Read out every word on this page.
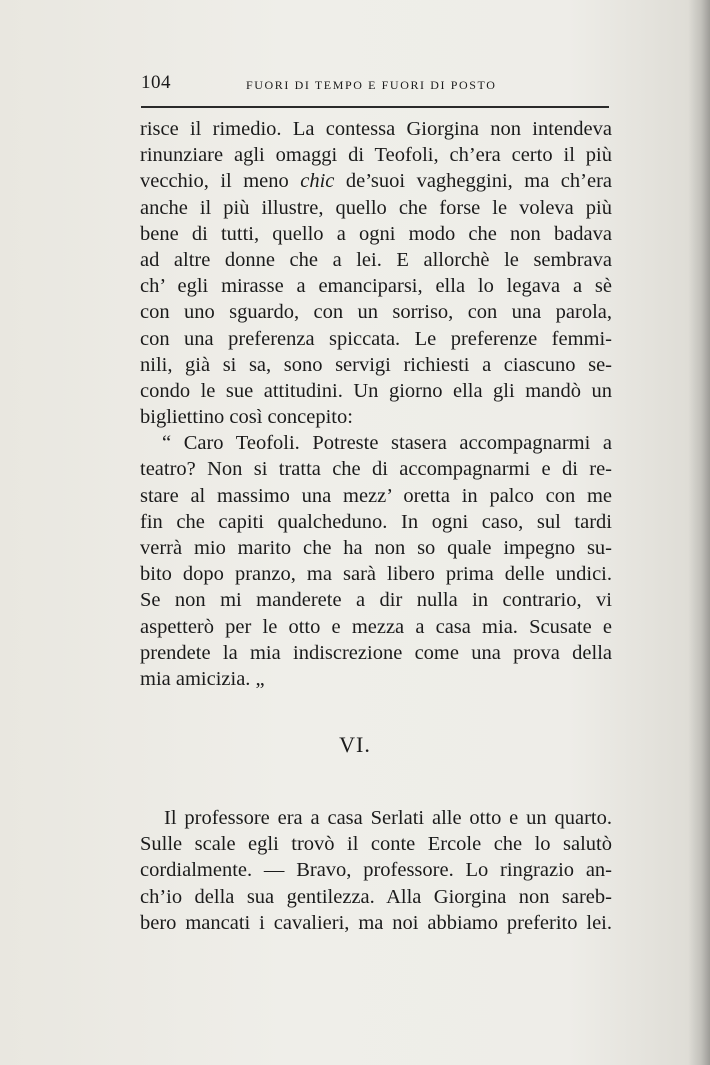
104	FUORI DI TEMPO E FUORI DI POSTO
risce il rimedio. La contessa Giorgina non intendeva
rinunziare agli omaggi di Teofoli, ch’era certo il più
vecchio, il meno chic de’suoi vagheggini, ma ch’era
anche il più illustre, quello che forse le voleva più
bene di tutti, quello a ogni modo che non badava
ad altre donne che a lei. E allorchè le sembrava
ch’ egli mirasse a emanciparsi, ella lo legava a sè
con uno sguardo, con un sorriso, con una parola,
con una preferenza spiccata. Le preferenze femmi-
nili, già si sa, sono servigi richiesti a ciascuno se-
condo le sue attitudini. Un giorno ella gli mandò un
bigliettino così concepito:
“ Caro Teofoli. Potreste stasera accompagnarmi a
teatro? Non si tratta che di accompagnarmi e di re-
stare al massimo una mezz’ oretta in palco con me
fin che capiti qualcheduno. In ogni caso, sul tardi
verrà mio marito che ha non so quale impegno su-
bito dopo pranzo, ma sarà libero prima delle undici.
Se non mi manderete a dir nulla in contrario, vi
aspetterò per le otto e mezza a casa mia. Scusate e
prendete la mia indiscrezione come una prova della
mia amicizia. „
VI.
Il professore era a casa Serlati alle otto e un quarto.
Sulle scale egli trovò il conte Ercole che lo salutò
cordialmente. — Bravo, professore. Lo ringrazio an-
ch’io della sua gentilezza. Alla Giorgina non sareb-
bero mancati i cavalieri, ma noi abbiamo preferito lei.
